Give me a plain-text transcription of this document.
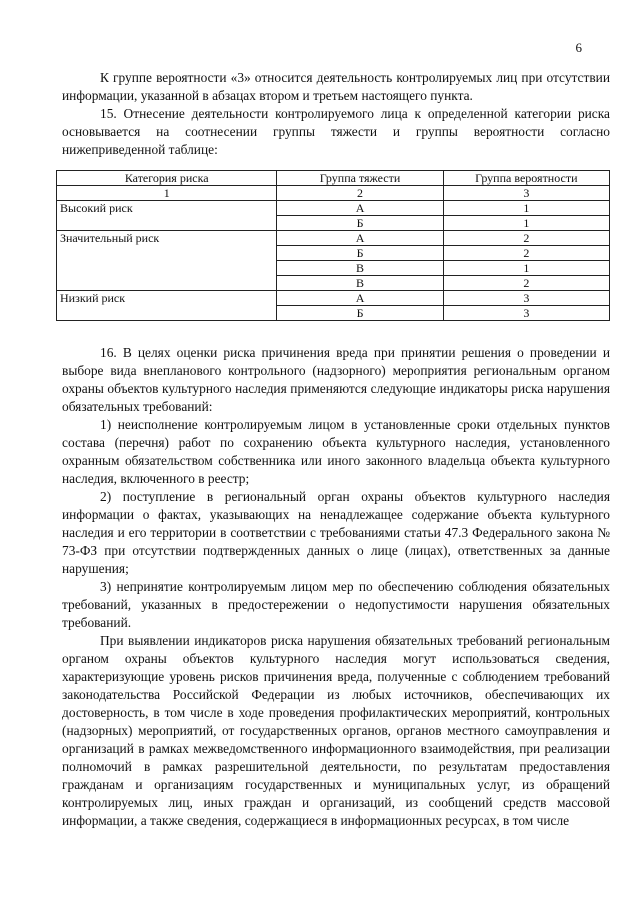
6

К группе вероятности «3» относится деятельность контролируемых лиц при отсутствии информации, указанной в абзацах втором и третьем настоящего пункта.

15. Отнесение деятельности контролируемого лица к определенной категории риска основывается на соотнесении группы тяжести и группы вероятности согласно нижеприведенной таблице:

Категория риска	Группа тяжести	Группа вероятности
1	2	3
Высокий риск	А	1
	Б	1
Значительный риск	А	2
	Б	2
	В	1
	В	2
Низкий риск	А	3
	Б	3

16. В целях оценки риска причинения вреда при принятии решения о проведении и выборе вида внепланового контрольного (надзорного) мероприятия региональным органом охраны объектов культурного наследия применяются следующие индикаторы риска нарушения обязательных требований:

1) неисполнение контролируемым лицом в установленные сроки отдельных пунктов состава (перечня) работ по сохранению объекта культурного наследия, установленного охранным обязательством собственника или иного законного владельца объекта культурного наследия, включенного в реестр;

2) поступление в региональный орган охраны объектов культурного наследия информации о фактах, указывающих на ненадлежащее содержание объекта культурного наследия и его территории в соответствии с требованиями статьи 47.3 Федерального закона № 73-ФЗ при отсутствии подтвержденных данных о лице (лицах), ответственных за данные нарушения;

3) непринятие контролируемым лицом мер по обеспечению соблюдения обязательных требований, указанных в предостережении о недопустимости нарушения обязательных требований.

При выявлении индикаторов риска нарушения обязательных требований региональным органом охраны объектов культурного наследия могут использоваться сведения, характеризующие уровень рисков причинения вреда, полученные с соблюдением требований законодательства Российской Федерации из любых источников, обеспечивающих их достоверность, в том числе в ходе проведения профилактических мероприятий, контрольных (надзорных) мероприятий, от государственных органов, органов местного самоуправления и организаций в рамках межведомственного информационного взаимодействия, при реализации полномочий в рамках разрешительной деятельности, по результатам предоставления гражданам и организациям государственных и муниципальных услуг, из обращений контролируемых лиц, иных граждан и организаций, из сообщений средств массовой информации, а также сведения, содержащиеся в информационных ресурсах, в том числе
